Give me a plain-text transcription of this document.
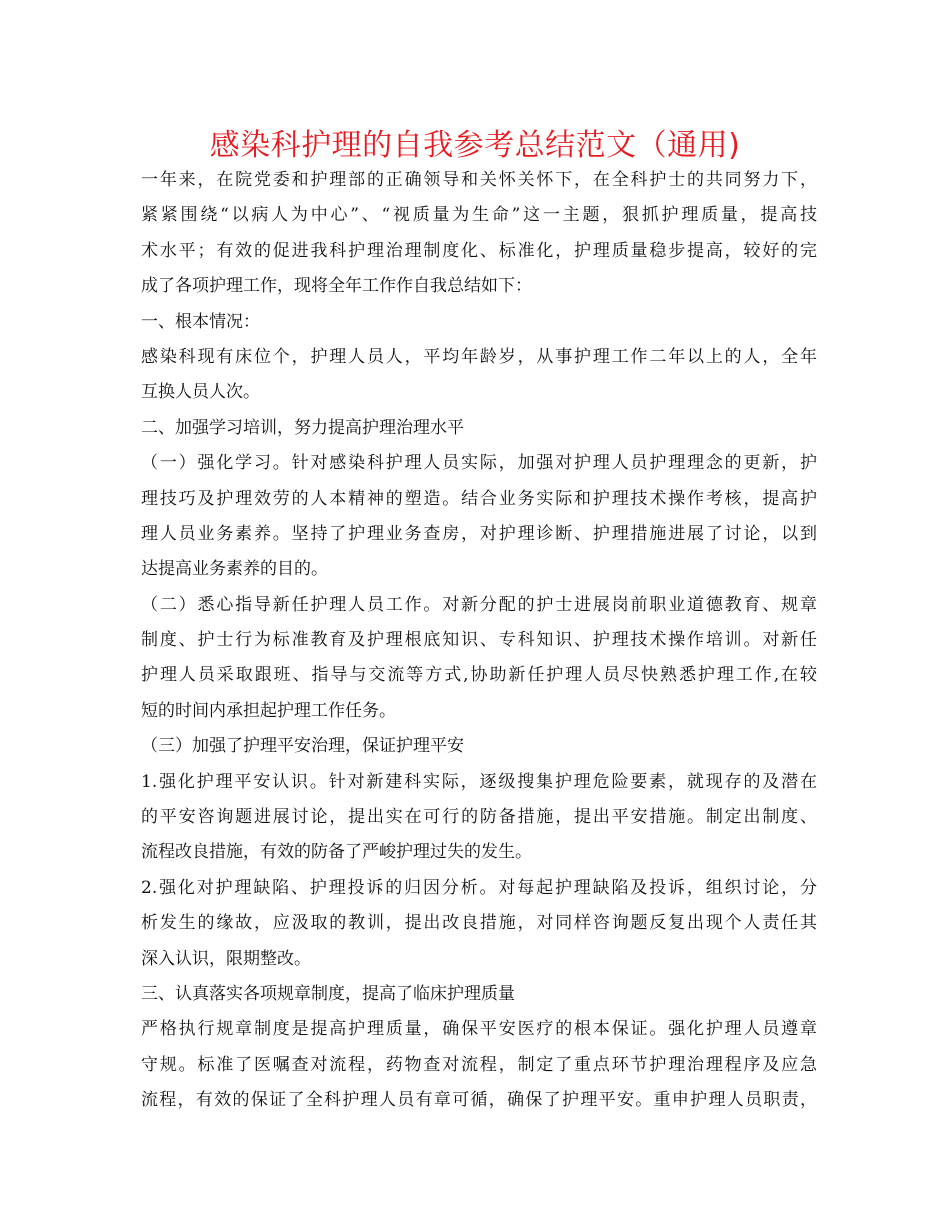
感染科护理的自我参考总结范文（通用)
一年来，在院党委和护理部的正确领导和关怀关怀下，在全科护士的共同努力下，
紧紧围绕“以病人为中心”、“视质量为生命”这一主题，狠抓护理质量，提高技
术水平；有效的促进我科护理治理制度化、标准化，护理质量稳步提高，较好的完
成了各项护理工作，现将全年工作作自我总结如下：
一、根本情况：
感染科现有床位个，护理人员人，平均年龄岁，从事护理工作二年以上的人，全年
互换人员人次。
二、加强学习培训，努力提高护理治理水平
（一）强化学习。针对感染科护理人员实际，加强对护理人员护理理念的更新，护
理技巧及护理效劳的人本精神的塑造。结合业务实际和护理技术操作考核，提高护
理人员业务素养。坚持了护理业务查房，对护理诊断、护理措施进展了讨论，以到
达提高业务素养的目的。
（二）悉心指导新任护理人员工作。对新分配的护士进展岗前职业道德教育、规章
制度、护士行为标准教育及护理根底知识、专科知识、护理技术操作培训。对新任
护理人员采取跟班、指导与交流等方式,协助新任护理人员尽快熟悉护理工作,在较
短的时间内承担起护理工作任务。
（三）加强了护理平安治理，保证护理平安
1.强化护理平安认识。针对新建科实际，逐级搜集护理危险要素，就现存的及潜在
的平安咨询题进展讨论，提出实在可行的防备措施，提出平安措施。制定出制度、
流程改良措施，有效的防备了严峻护理过失的发生。
2.强化对护理缺陷、护理投诉的归因分析。对每起护理缺陷及投诉，组织讨论，分
析发生的缘故，应汲取的教训，提出改良措施，对同样咨询题反复出现个人责任其
深入认识，限期整改。
三、认真落实各项规章制度，提高了临床护理质量
严格执行规章制度是提高护理质量，确保平安医疗的根本保证。强化护理人员遵章
守规。标准了医嘱查对流程，药物查对流程，制定了重点环节护理治理程序及应急
流程，有效的保证了全科护理人员有章可循，确保了护理平安。重申护理人员职责，
